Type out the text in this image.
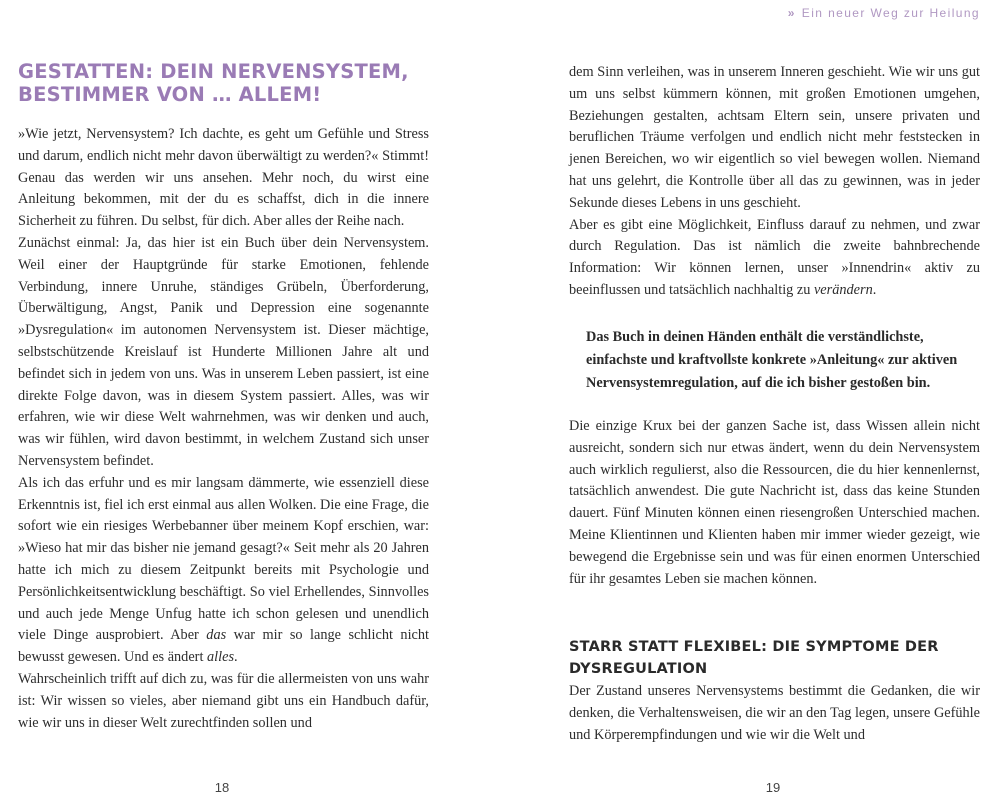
GESTATTEN: DEIN NERVENSYSTEM,
BESTIMMER VON … ALLEM!

»Wie jetzt, Nervensystem? Ich dachte, es geht um Gefühle und Stress und darum, endlich nicht mehr davon überwältigt zu werden?« Stimmt! Genau das werden wir uns ansehen. Mehr noch, du wirst eine Anleitung bekommen, mit der du es schaffst, dich in die innere Sicherheit zu führen. Du selbst, für dich. Aber alles der Reihe nach.

Zunächst einmal: Ja, das hier ist ein Buch über dein Nervensystem. Weil einer der Hauptgründe für starke Emotionen, fehlende Verbindung, innere Unruhe, ständiges Grübeln, Überforderung, Überwältigung, Angst, Panik und Depression eine sogenannte »Dysregulation« im autonomen Nervensystem ist. Dieser mächtige, selbstschützende Kreislauf ist Hunderte Millionen Jahre alt und befindet sich in jedem von uns. Was in unserem Leben passiert, ist eine direkte Folge davon, was in diesem System passiert. Alles, was wir erfahren, wie wir diese Welt wahrnehmen, was wir denken und auch, was wir fühlen, wird davon bestimmt, in welchem Zustand sich unser Nervensystem befindet.

Als ich das erfuhr und es mir langsam dämmerte, wie essenziell diese Erkenntnis ist, fiel ich erst einmal aus allen Wolken. Die eine Frage, die sofort wie ein riesiges Werbebanner über meinem Kopf erschien, war: »Wieso hat mir das bisher nie jemand gesagt?« Seit mehr als 20 Jahren hatte ich mich zu diesem Zeitpunkt bereits mit Psychologie und Persönlichkeitsentwicklung beschäftigt. So viel Erhellendes, Sinnvolles und auch jede Menge Unfug hatte ich schon gelesen und unendlich viele Dinge ausprobiert. Aber das war mir so lange schlicht nicht bewusst gewesen. Und es ändert alles.

Wahrscheinlich trifft auf dich zu, was für die allermeisten von uns wahr ist: Wir wissen so vieles, aber niemand gibt uns ein Handbuch dafür, wie wir uns in dieser Welt zurechtfinden sollen und

18
» Ein neuer Weg zur Heilung

dem Sinn verleihen, was in unserem Inneren geschieht. Wie wir uns gut um uns selbst kümmern können, mit großen Emotionen umgehen, Beziehungen gestalten, achtsam Eltern sein, unsere privaten und beruflichen Träume verfolgen und endlich nicht mehr feststecken in jenen Bereichen, wo wir eigentlich so viel bewegen wollen. Niemand hat uns gelehrt, die Kontrolle über all das zu gewinnen, was in jeder Sekunde dieses Lebens in uns geschieht.

Aber es gibt eine Möglichkeit, Einfluss darauf zu nehmen, und zwar durch Regulation. Das ist nämlich die zweite bahnbrechende Information: Wir können lernen, unser »Innendrin« aktiv zu beeinflussen und tatsächlich nachhaltig zu verändern.

Das Buch in deinen Händen enthält die verständlichste,
einfachste und kraftvollste konkrete »Anleitung« zur aktiven
Nervensystemregulation, auf die ich bisher gestoßen bin.

Die einzige Krux bei der ganzen Sache ist, dass Wissen allein nicht ausreicht, sondern sich nur etwas ändert, wenn du dein Nervensystem auch wirklich regulierst, also die Ressourcen, die du hier kennenlernst, tatsächlich anwendest. Die gute Nachricht ist, dass das keine Stunden dauert. Fünf Minuten können einen riesengroßen Unterschied machen. Meine Klientinnen und Klienten haben mir immer wieder gezeigt, wie bewegend die Ergebnisse sein und was für einen enormen Unterschied für ihr gesamtes Leben sie machen können.

STARR STATT FLEXIBEL: DIE SYMPTOME DER
DYSREGULATION

Der Zustand unseres Nervensystems bestimmt die Gedanken, die wir denken, die Verhaltensweisen, die wir an den Tag legen, unsere Gefühle und Körperempfindungen und wie wir die Welt und

19
